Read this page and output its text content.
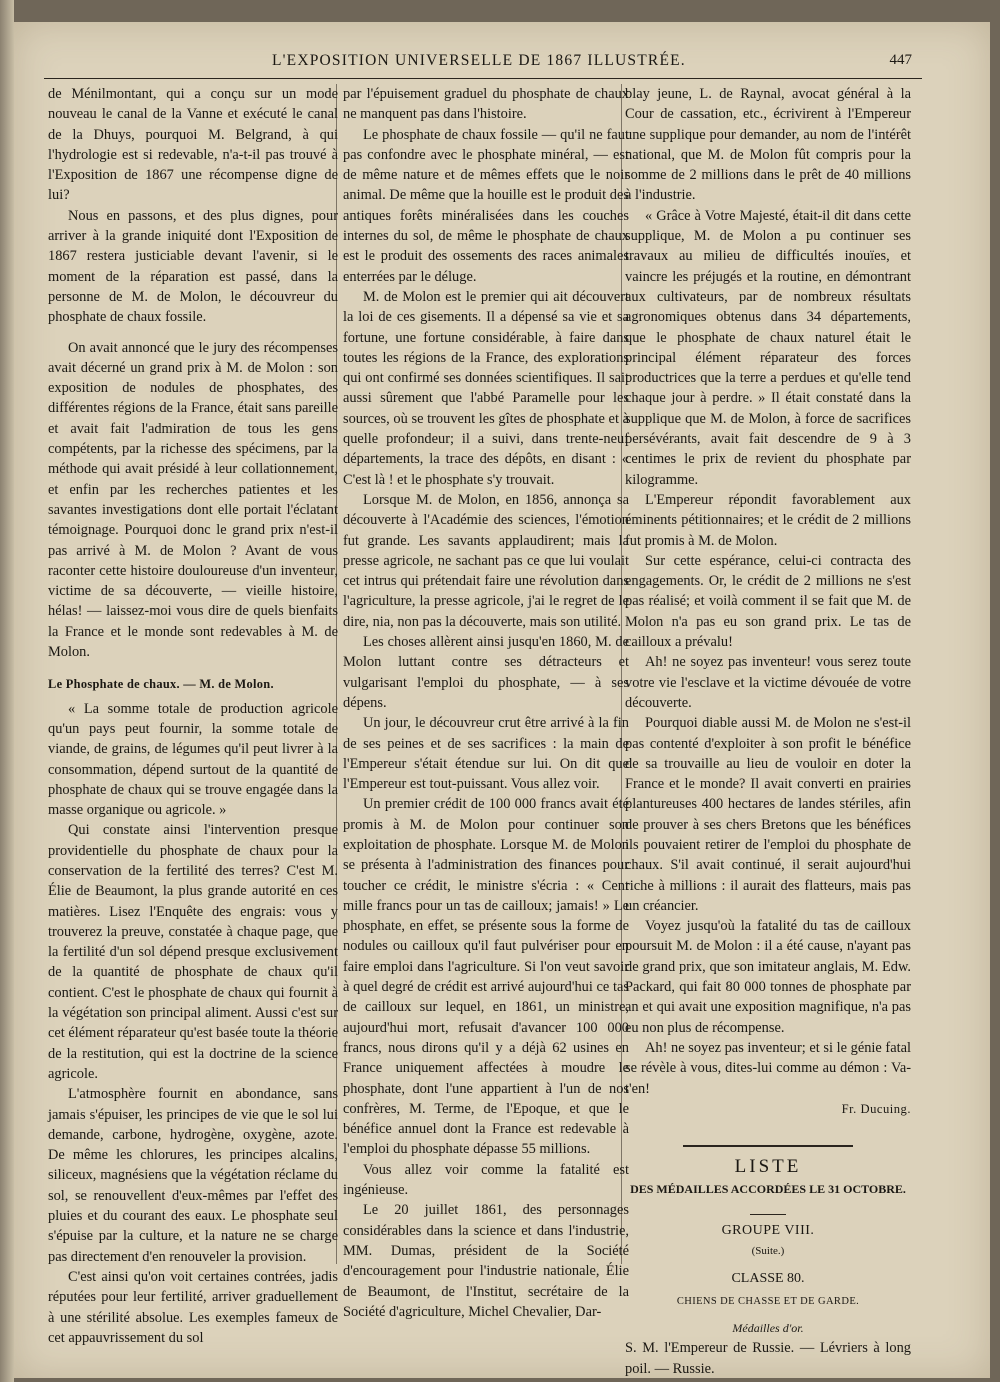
L'EXPOSITION UNIVERSELLE DE 1867 ILLUSTRÉE.	447

de Ménilmontant, qui a conçu sur un mode nouveau le canal de la Vanne et exécuté le canal de la Dhuys, pourquoi M. Belgrand, à qui l'hydrologie est si redevable, n'a-t-il pas trouvé à l'Exposition de 1867 une récompense digne de lui?

Nous en passons, et des plus dignes, pour arriver à la grande iniquité dont l'Exposition de 1867 restera justiciable devant l'avenir, si le moment de la réparation est passé, dans la personne de M. de Molon, le découvreur du phosphate de chaux fossile.

On avait annoncé que le jury des récompenses avait décerné un grand prix à M. de Molon : son exposition de nodules de phosphates, des différentes régions de la France, était sans pareille et avait fait l'admiration de tous les gens compétents, par la richesse des spécimens, par la méthode qui avait présidé à leur collationnement, et enfin par les recherches patientes et les savantes investigations dont elle portait l'éclatant témoignage. Pourquoi donc le grand prix n'est-il pas arrivé à M. de Molon ? Avant de vous raconter cette histoire douloureuse d'un inventeur, victime de sa découverte, — vieille histoire, hélas! — laissez-moi vous dire de quels bienfaits la France et le monde sont redevables à M. de Molon.

Le Phosphate de chaux. — M. de Molon.

« La somme totale de production agricole qu'un pays peut fournir, la somme totale de viande, de grains, de légumes qu'il peut livrer à la consommation, dépend surtout de la quantité de phosphate de chaux qui se trouve engagée dans la masse organique ou agricole. »

Qui constate ainsi l'intervention presque providentielle du phosphate de chaux pour la conservation de la fertilité des terres? C'est M. Élie de Beaumont, la plus grande autorité en ces matières. Lisez l'Enquête des engrais: vous y trouverez la preuve, constatée à chaque page, que la fertilité d'un sol dépend presque exclusivement de la quantité de phosphate de chaux qu'il contient. C'est le phosphate de chaux qui fournit à la végétation son principal aliment. Aussi c'est sur cet élément réparateur qu'est basée toute la théorie de la restitution, qui est la doctrine de la science agricole.

L'atmosphère fournit en abondance, sans jamais s'épuiser, les principes de vie que le sol lui demande, carbone, hydrogène, oxygène, azote. De même les chlorures, les principes alcalins, siliceux, magnésiens que la végétation réclame du sol, se renouvellent d'eux-mêmes par l'effet des pluies et du courant des eaux. Le phosphate seul s'épuise par la culture, et la nature ne se charge pas directement d'en renouveler la provision.

C'est ainsi qu'on voit certaines contrées, jadis réputées pour leur fertilité, arriver graduellement à une stérilité absolue. Les exemples fameux de cet appauvrissement du sol

par l'épuisement graduel du phosphate de chaux ne manquent pas dans l'histoire.

Le phosphate de chaux fossile — qu'il ne faut pas confondre avec le phosphate minéral, — est de même nature et de mêmes effets que le noir animal. De même que la houille est le produit des antiques forêts minéralisées dans les couches internes du sol, de même le phosphate de chaux est le produit des ossements des races animales enterrées par le déluge.

M. de Molon est le premier qui ait découvert la loi de ces gisements. Il a dépensé sa vie et sa fortune, une fortune considérable, à faire dans toutes les régions de la France, des explorations qui ont confirmé ses données scientifiques. Il sait aussi sûrement que l'abbé Paramelle pour les sources, où se trouvent les gîtes de phosphate et à quelle profondeur; il a suivi, dans trente-neuf départements, la trace des dépôts, en disant : « C'est là ! et le phosphate s'y trouvait.

Lorsque M. de Molon, en 1856, annonça sa découverte à l'Académie des sciences, l'émotion fut grande. Les savants applaudirent; mais la presse agricole, ne sachant pas ce que lui voulait cet intrus qui prétendait faire une révolution dans l'agriculture, la presse agricole, j'ai le regret de le dire, nia, non pas la découverte, mais son utilité.

Les choses allèrent ainsi jusqu'en 1860, M. de Molon luttant contre ses détracteurs et vulgarisant l'emploi du phosphate, — à ses dépens.

Un jour, le découvreur crut être arrivé à la fin de ses peines et de ses sacrifices : la main de l'Empereur s'était étendue sur lui. On dit que l'Empereur est tout-puissant. Vous allez voir.

Un premier crédit de 100 000 francs avait été promis à M. de Molon pour continuer son exploitation de phosphate. Lorsque M. de Molon se présenta à l'administration des finances pour toucher ce crédit, le ministre s'écria : « Cent mille francs pour un tas de cailloux; jamais! » Le phosphate, en effet, se présente sous la forme de nodules ou cailloux qu'il faut pulvériser pour en faire emploi dans l'agriculture. Si l'on veut savoir à quel degré de crédit est arrivé aujourd'hui ce tas de cailloux sur lequel, en 1861, un ministre, aujourd'hui mort, refusait d'avancer 100 000 francs, nous dirons qu'il y a déjà 62 usines en France uniquement affectées à moudre le phosphate, dont l'une appartient à l'un de nos confrères, M. Terme, de l'Epoque, et que le bénéfice annuel dont la France est redevable à l'emploi du phosphate dépasse 55 millions.

Vous allez voir comme la fatalité est ingénieuse.

Le 20 juillet 1861, des personnages considérables dans la science et dans l'industrie, MM. Dumas, président de la Société d'encouragement pour l'industrie nationale, Élie de Beaumont, de l'Institut, secrétaire de la Société d'agriculture, Michel Chevalier, Dar-

blay jeune, L. de Raynal, avocat général à la Cour de cassation, etc., écrivirent à l'Empereur une supplique pour demander, au nom de l'intérêt national, que M. de Molon fût compris pour la somme de 2 millions dans le prêt de 40 millions à l'industrie.

« Grâce à Votre Majesté, était-il dit dans cette supplique, M. de Molon a pu continuer ses travaux au milieu de difficultés inouïes, et vaincre les préjugés et la routine, en démontrant aux cultivateurs, par de nombreux résultats agronomiques obtenus dans 34 départements, que le phosphate de chaux naturel était le principal élément réparateur des forces productrices que la terre a perdues et qu'elle tend chaque jour à perdre. » Il était constaté dans la supplique que M. de Molon, à force de sacrifices persévérants, avait fait descendre de 9 à 3 centimes le prix de revient du phosphate par kilogramme.

L'Empereur répondit favorablement aux éminents pétitionnaires; et le crédit de 2 millions fut promis à M. de Molon.

Sur cette espérance, celui-ci contracta des engagements. Or, le crédit de 2 millions ne s'est pas réalisé; et voilà comment il se fait que M. de Molon n'a pas eu son grand prix. Le tas de cailloux a prévalu!

Ah! ne soyez pas inventeur! vous serez toute votre vie l'esclave et la victime dévouée de votre découverte.

Pourquoi diable aussi M. de Molon ne s'est-il pas contenté d'exploiter à son profit le bénéfice de sa trouvaille au lieu de vouloir en doter la France et le monde? Il avait converti en prairies plantureuses 400 hectares de landes stériles, afin de prouver à ses chers Bretons que les bénéfices ils pouvaient retirer de l'emploi du phosphate de chaux. S'il avait continué, il serait aujourd'hui riche à millions : il aurait des flatteurs, mais pas un créancier.

Voyez jusqu'où la fatalité du tas de cailloux poursuit M. de Molon : il a été cause, n'ayant pas de grand prix, que son imitateur anglais, M. Edw. Packard, qui fait 80 000 tonnes de phosphate par an et qui avait une exposition magnifique, n'a pas eu non plus de récompense.

Ah! ne soyez pas inventeur; et si le génie fatal se révèle à vous, dites-lui comme au démon : Va-t'en!

Fr. Ducuing.
LISTE
DES MÉDAILLES ACCORDÉES LE 31 OCTOBRE.
GROUPE VIII.
(Suite.)
CLASSE 80.
CHIENS DE CHASSE ET DE GARDE.
Médailles d'or.

S. M. l'Empereur de Russie. — Lévriers à long poil. — Russie.
